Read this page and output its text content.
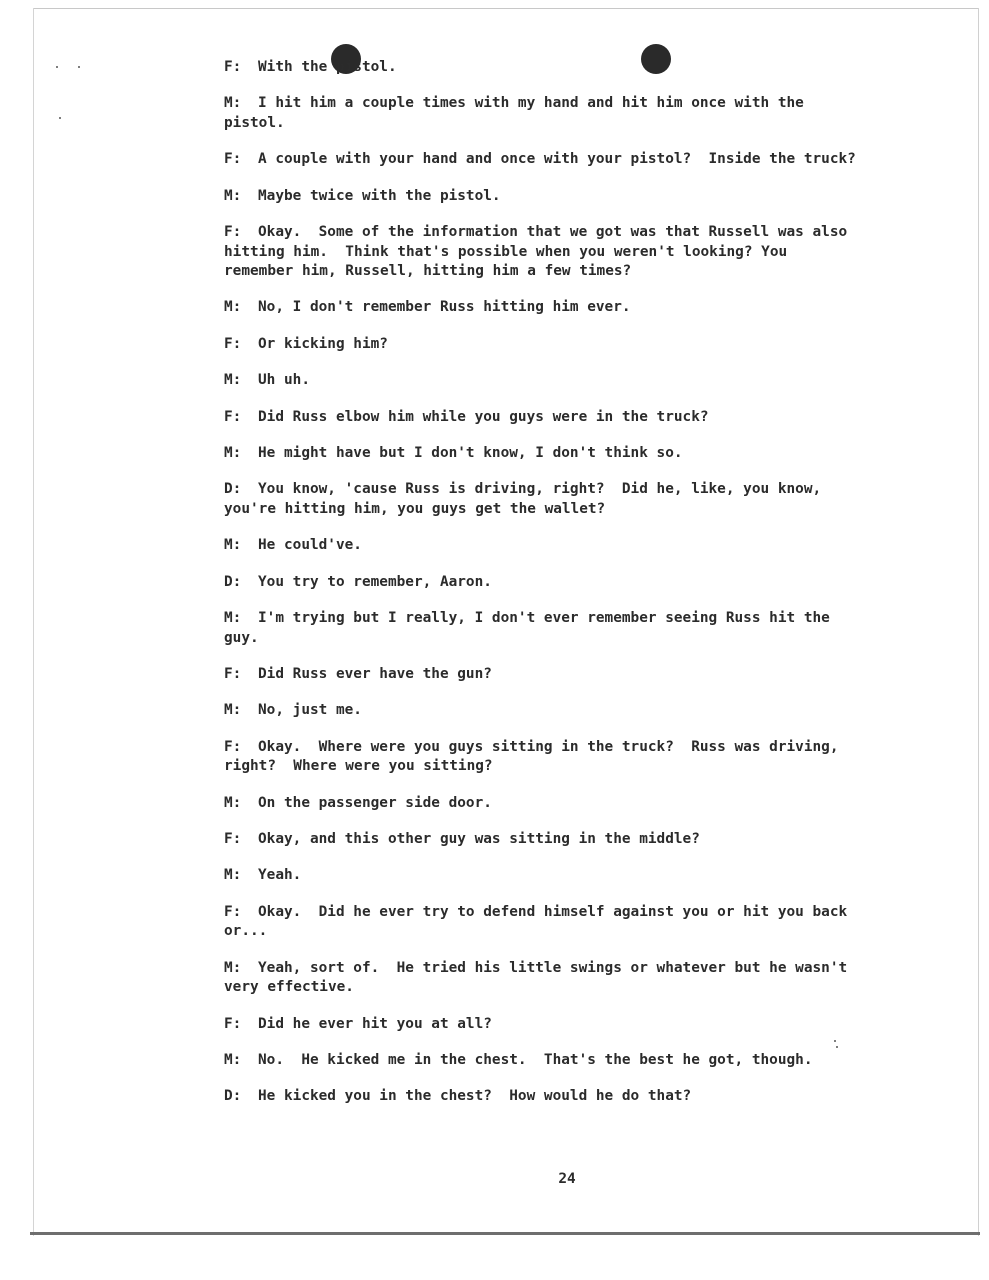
F: With the pistol.
M: I hit him a couple times with my hand and hit him once with the pistol.
F: A couple with your hand and once with your pistol?  Inside the truck?
M: Maybe twice with the pistol.
F: Okay.  Some of the information that we got was that Russell was also hitting him.  Think that's possible when you weren't looking? You remember him, Russell, hitting him a few times?
M: No, I don't remember Russ hitting him ever.
F: Or kicking him?
M: Uh uh.
F: Did Russ elbow him while you guys were in the truck?
M: He might have but I don't know, I don't think so.
D: You know, 'cause Russ is driving, right?  Did he, like, you know, you're hitting him, you guys get the wallet?
M: He could've.
D: You try to remember, Aaron.
M: I'm trying but I really, I don't ever remember seeing Russ hit the guy.
F: Did Russ ever have the gun?
M: No, just me.
F: Okay.  Where were you guys sitting in the truck?  Russ was driving, right?  Where were you sitting?
M: On the passenger side door.
F: Okay, and this other guy was sitting in the middle?
M: Yeah.
F: Okay.  Did he ever try to defend himself against you or hit you back or...
M: Yeah, sort of.  He tried his little swings or whatever but he wasn't very effective.
F: Did he ever hit you at all?
M: No.  He kicked me in the chest.  That's the best he got, though.
D: He kicked you in the chest?  How would he do that?
24
